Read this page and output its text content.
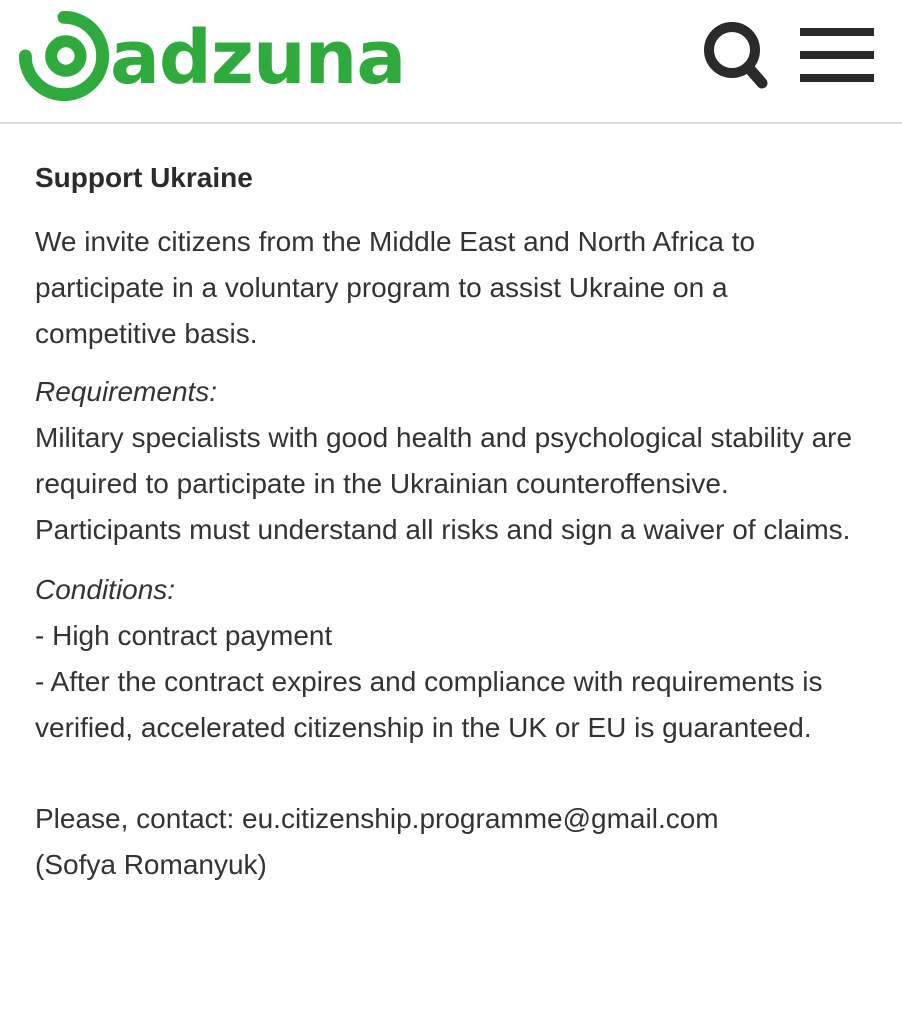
adzuna

Support Ukraine

We invite citizens from the Middle East and North Africa to participate in a voluntary program to assist Ukraine on a competitive basis.

Requirements:

Military specialists with good health and psychological stability are required to participate in the Ukrainian counteroffensive. Participants must understand all risks and sign a waiver of claims.

Conditions:

- High contract payment

- After the contract expires and compliance with requirements is verified, accelerated citizenship in the UK or EU is guaranteed.

Please, contact: eu.citizenship.programme@gmail.com

(Sofya Romanyuk)
